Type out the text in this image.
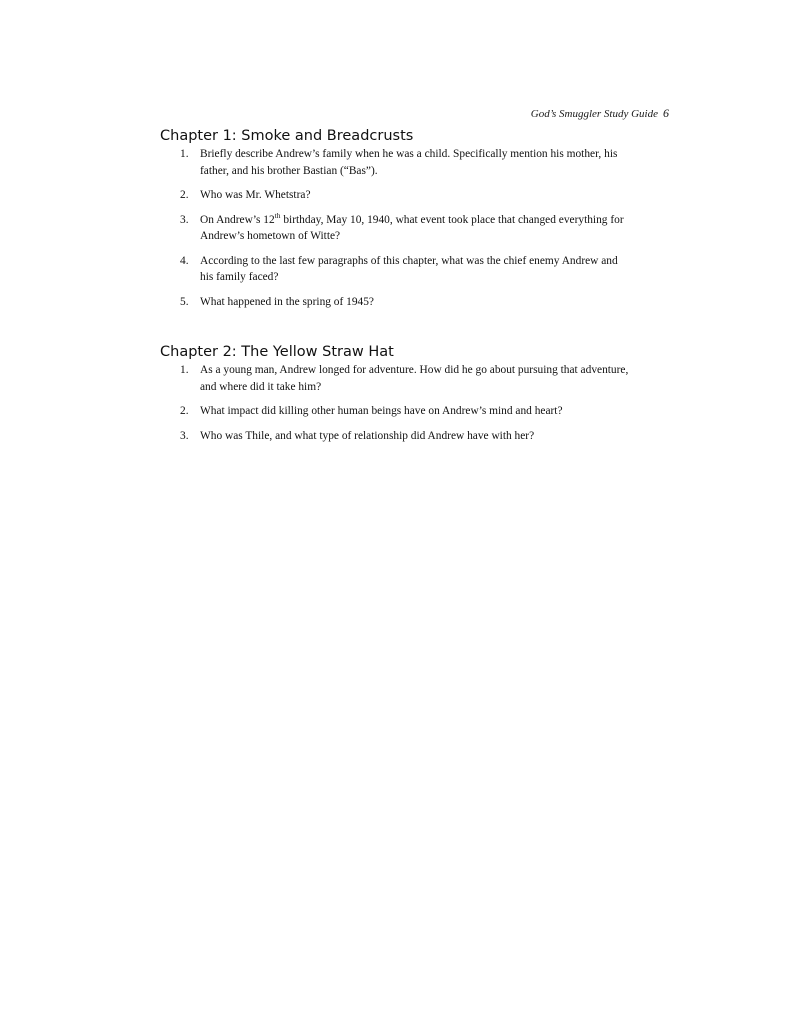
God’s Smuggler Study Guide 6
Chapter 1: Smoke and Breadcrusts
1. Briefly describe Andrew’s family when he was a child. Specifically mention his mother, his father, and his brother Bastian (“Bas”).
2. Who was Mr. Whetstra?
3. On Andrew’s 12th birthday, May 10, 1940, what event took place that changed everything for Andrew’s hometown of Witte?
4. According to the last few paragraphs of this chapter, what was the chief enemy Andrew and his family faced?
5. What happened in the spring of 1945?
Chapter 2: The Yellow Straw Hat
1. As a young man, Andrew longed for adventure. How did he go about pursuing that adventure, and where did it take him?
2. What impact did killing other human beings have on Andrew’s mind and heart?
3. Who was Thile, and what type of relationship did Andrew have with her?
